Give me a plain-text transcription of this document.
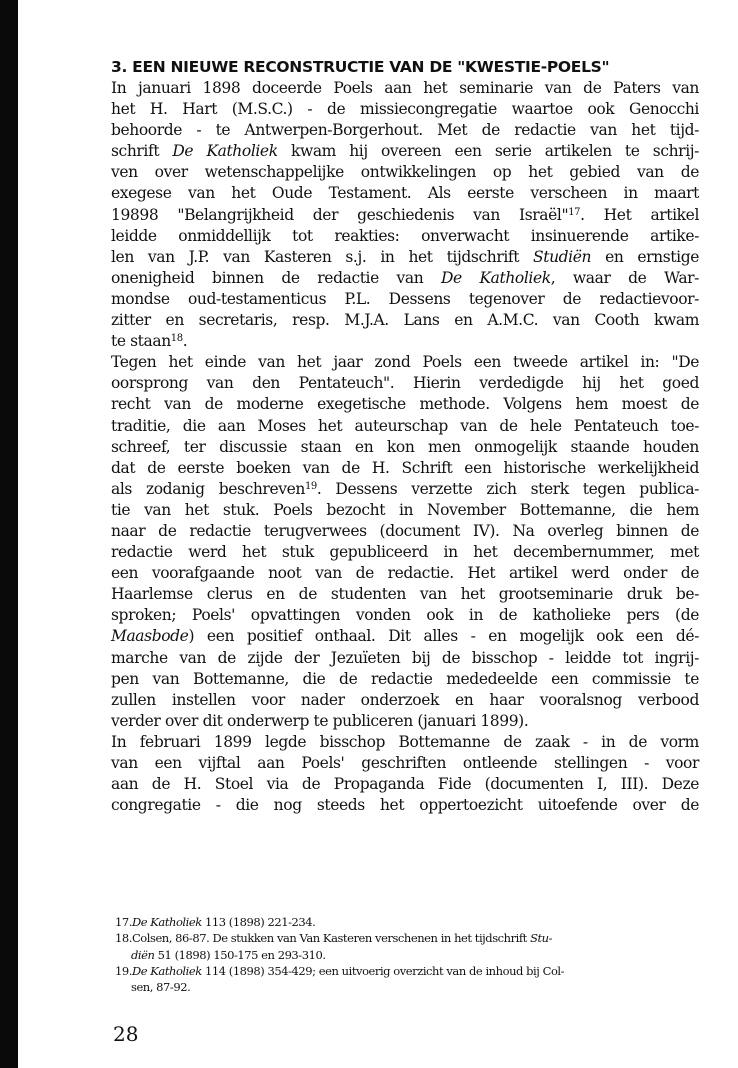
3. EEN NIEUWE RECONSTRUCTIE VAN DE "KWESTIE-POELS"
In januari 1898 doceerde Poels aan het seminarie van de Paters van
het H. Hart (M.S.C.) - de missiecongregatie waartoe ook Genocchi
behoorde - te Antwerpen-Borgerhout. Met de redactie van het tijd-
schrift De Katholiek kwam hij overeen een serie artikelen te schrij-
ven over wetenschappelijke ontwikkelingen op het gebied van de
exegese van het Oude Testament. Als eerste verscheen in maart
19898 "Belangrijkheid der geschiedenis van Israël"$^{17}$. Het artikel
leidde onmiddellijk tot reakties: onverwacht insinuerende artike-
len van J.P. van Kasteren s.j. in het tijdschrift Studiën en ernstige
onenigheid binnen de redactie van De Katholiek, waar de War-
mondse oud-testamenticus P.L. Dessens tegenover de redactievoor-
zitter en secretaris, resp. M.J.A. Lans en A.M.C. van Cooth kwam
te staan$^{18}$.
Tegen het einde van het jaar zond Poels een tweede artikel in: "De
oorsprong van den Pentateuch". Hierin verdedigde hij het goed
recht van de moderne exegetische methode. Volgens hem moest de
traditie, die aan Moses het auteurschap van de hele Pentateuch toe-
schreef, ter discussie staan en kon men onmogelijk staande houden
dat de eerste boeken van de H. Schrift een historische werkelijkheid
als zodanig beschreven$^{19}$. Dessens verzette zich sterk tegen publica-
tie van het stuk. Poels bezocht in November Bottemanne, die hem
naar de redactie terugverwees (document IV). Na overleg binnen de
redactie werd het stuk gepubliceerd in het decembernummer, met
een voorafgaande noot van de redactie. Het artikel werd onder de
Haarlemse clerus en de studenten van het grootseminarie druk be-
sproken; Poels' opvattingen vonden ook in de katholieke pers (de
Maasbode) een positief onthaal. Dit alles - en mogelijk ook een dé-
marche van de zijde der Jezuïeten bij de bisschop - leidde tot ingrij-
pen van Bottemanne, die de redactie mededeelde een commissie te
zullen instellen voor nader onderzoek en haar vooralsnog verbood
verder over dit onderwerp te publiceren (januari 1899).
In februari 1899 legde bisschop Bottemanne de zaak - in de vorm
van een vijftal aan Poels' geschriften ontleende stellingen - voor
aan de H. Stoel via de Propaganda Fide (documenten I, III). Deze
congregatie - die nog steeds het oppertoezicht uitoefende over de
17.De Katholiek 113 (1898) 221-234.
18.Colsen, 86-87. De stukken van Van Kasteren verschenen in het tijdschrift Stu-
diën 51 (1898) 150-175 en 293-310.
19.De Katholiek 114 (1898) 354-429; een uitvoerig overzicht van de inhoud bij Col-
sen, 87-92.
28
